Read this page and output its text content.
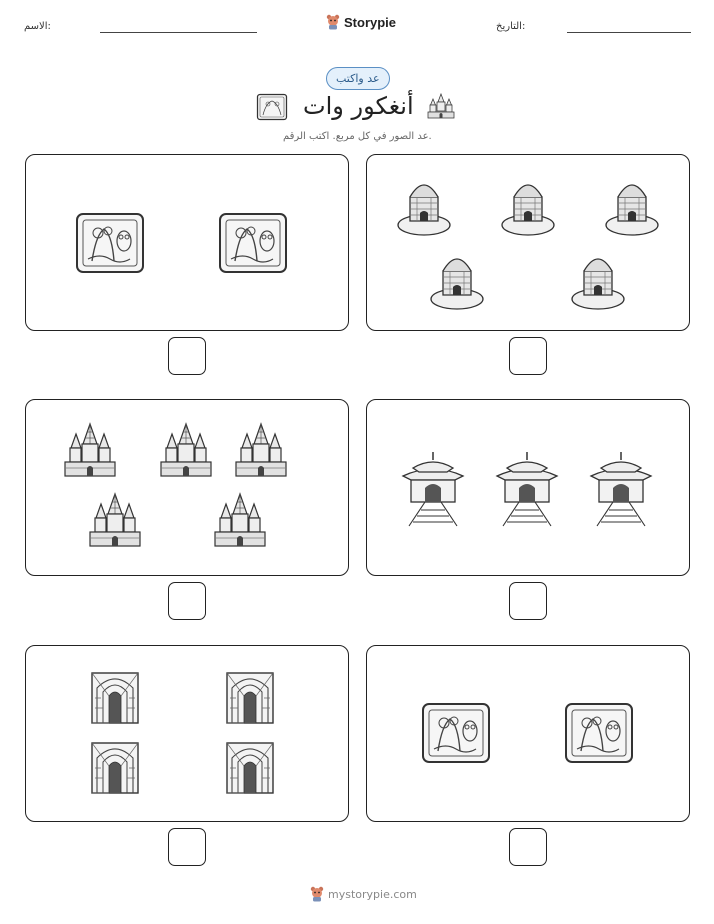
الاسم:	Storypie	التاريخ:
عد واكتب
أنغكور وات
عد الصور في كل مربع. اكتب الرقم.
mystorypie.com
